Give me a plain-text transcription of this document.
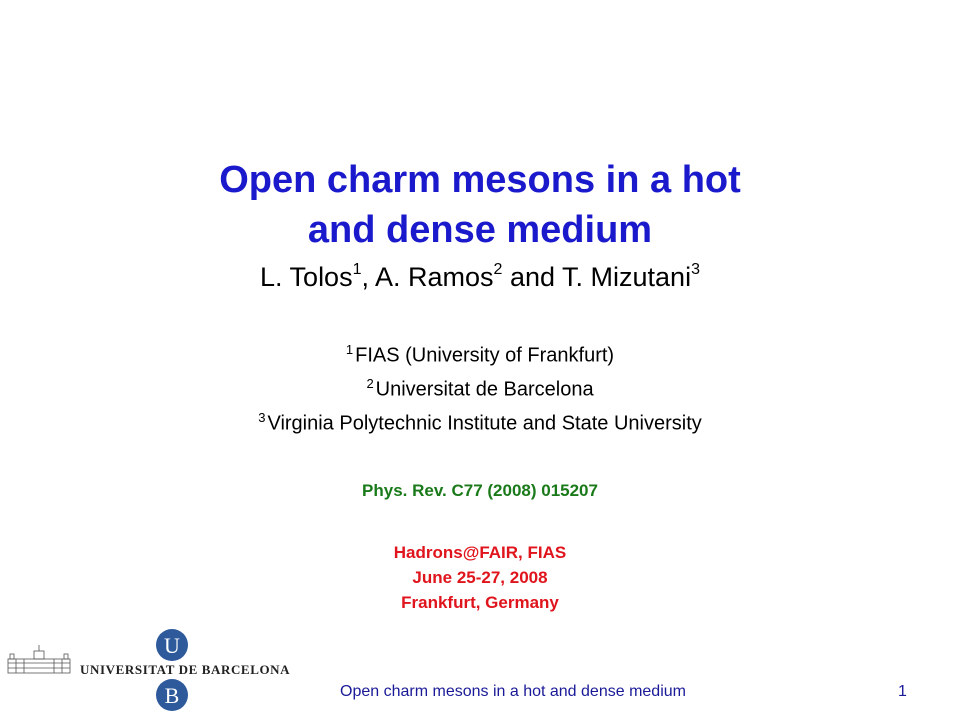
Open charm mesons in a hot
and dense medium
L. Tolos$^1$, A. Ramos$^2$ and T. Mizutani$^3$
$^1$ FIAS (University of Frankfurt)
$^2$ Universitat de Barcelona
$^3$ Virginia Polytechnic Institute and State University
Phys. Rev. C77 (2008) 015207
Hadrons@FAIR, FIAS
June 25-27, 2008
Frankfurt, Germany
U
B
UNIVERSITAT DE BARCELONA
Open charm mesons in a hot and dense medium	1
